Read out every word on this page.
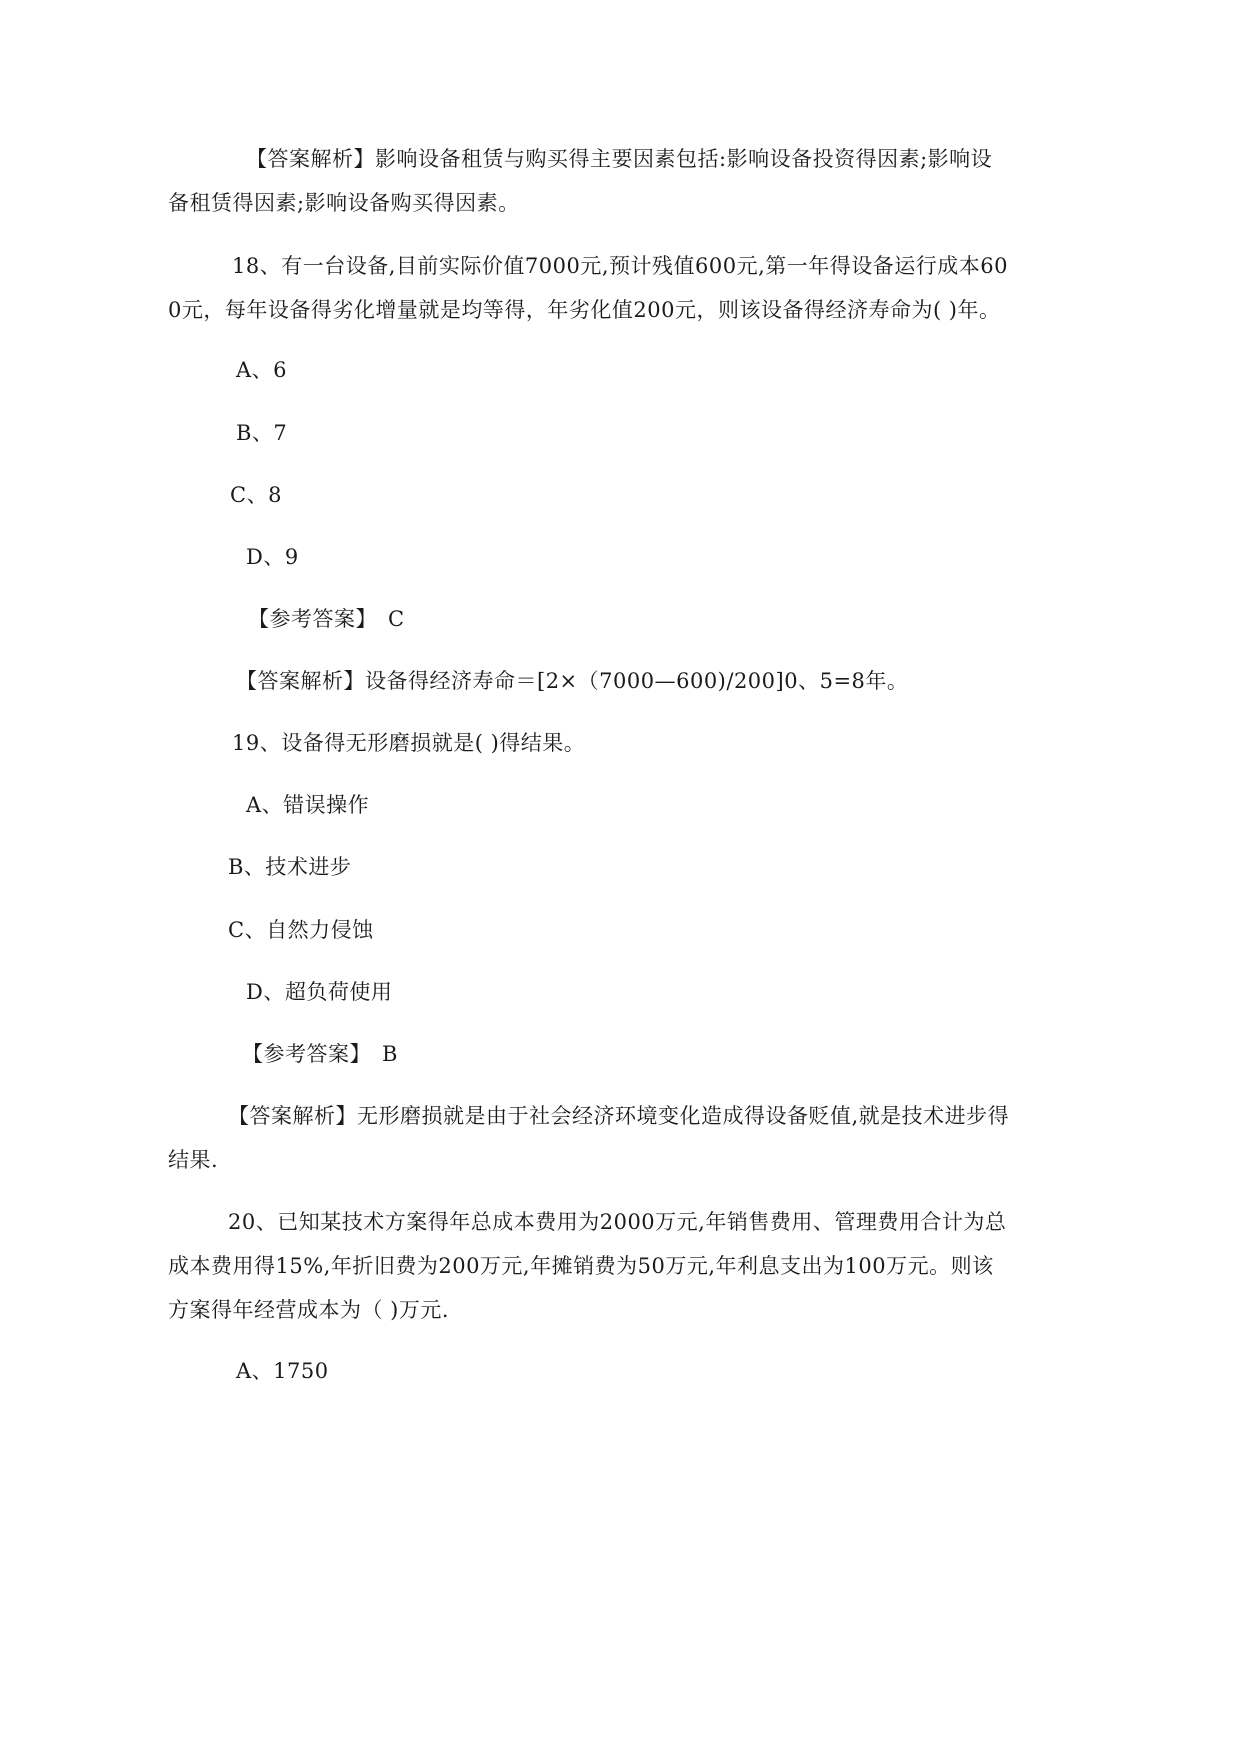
【答案解析】影响设备租赁与购买得主要因素包括:影响设备投资得因素;影响设
备租赁得因素;影响设备购买得因素。
18、有一台设备,目前实际价值7000元,预计残值600元,第一年得设备运行成本60
0元，每年设备得劣化增量就是均等得，年劣化值200元，则该设备得经济寿命为( )年。
A、6
B、7
C、8
D、9
【参考答案】　C
【答案解析】设备得经济寿命＝[2×（7000—600)/200]0、5=8年。
19、设备得无形磨损就是( )得结果。
A、错误操作
B、技术进步
C、自然力侵蚀
D、超负荷使用
【参考答案】　B
【答案解析】无形磨损就是由于社会经济环境变化造成得设备贬值,就是技术进步得
结果.
20、已知某技术方案得年总成本费用为2000万元,年销售费用、管理费用合计为总
成本费用得15%,年折旧费为200万元,年摊销费为50万元,年利息支出为100万元。则该
方案得年经营成本为（ )万元.
A、1750
